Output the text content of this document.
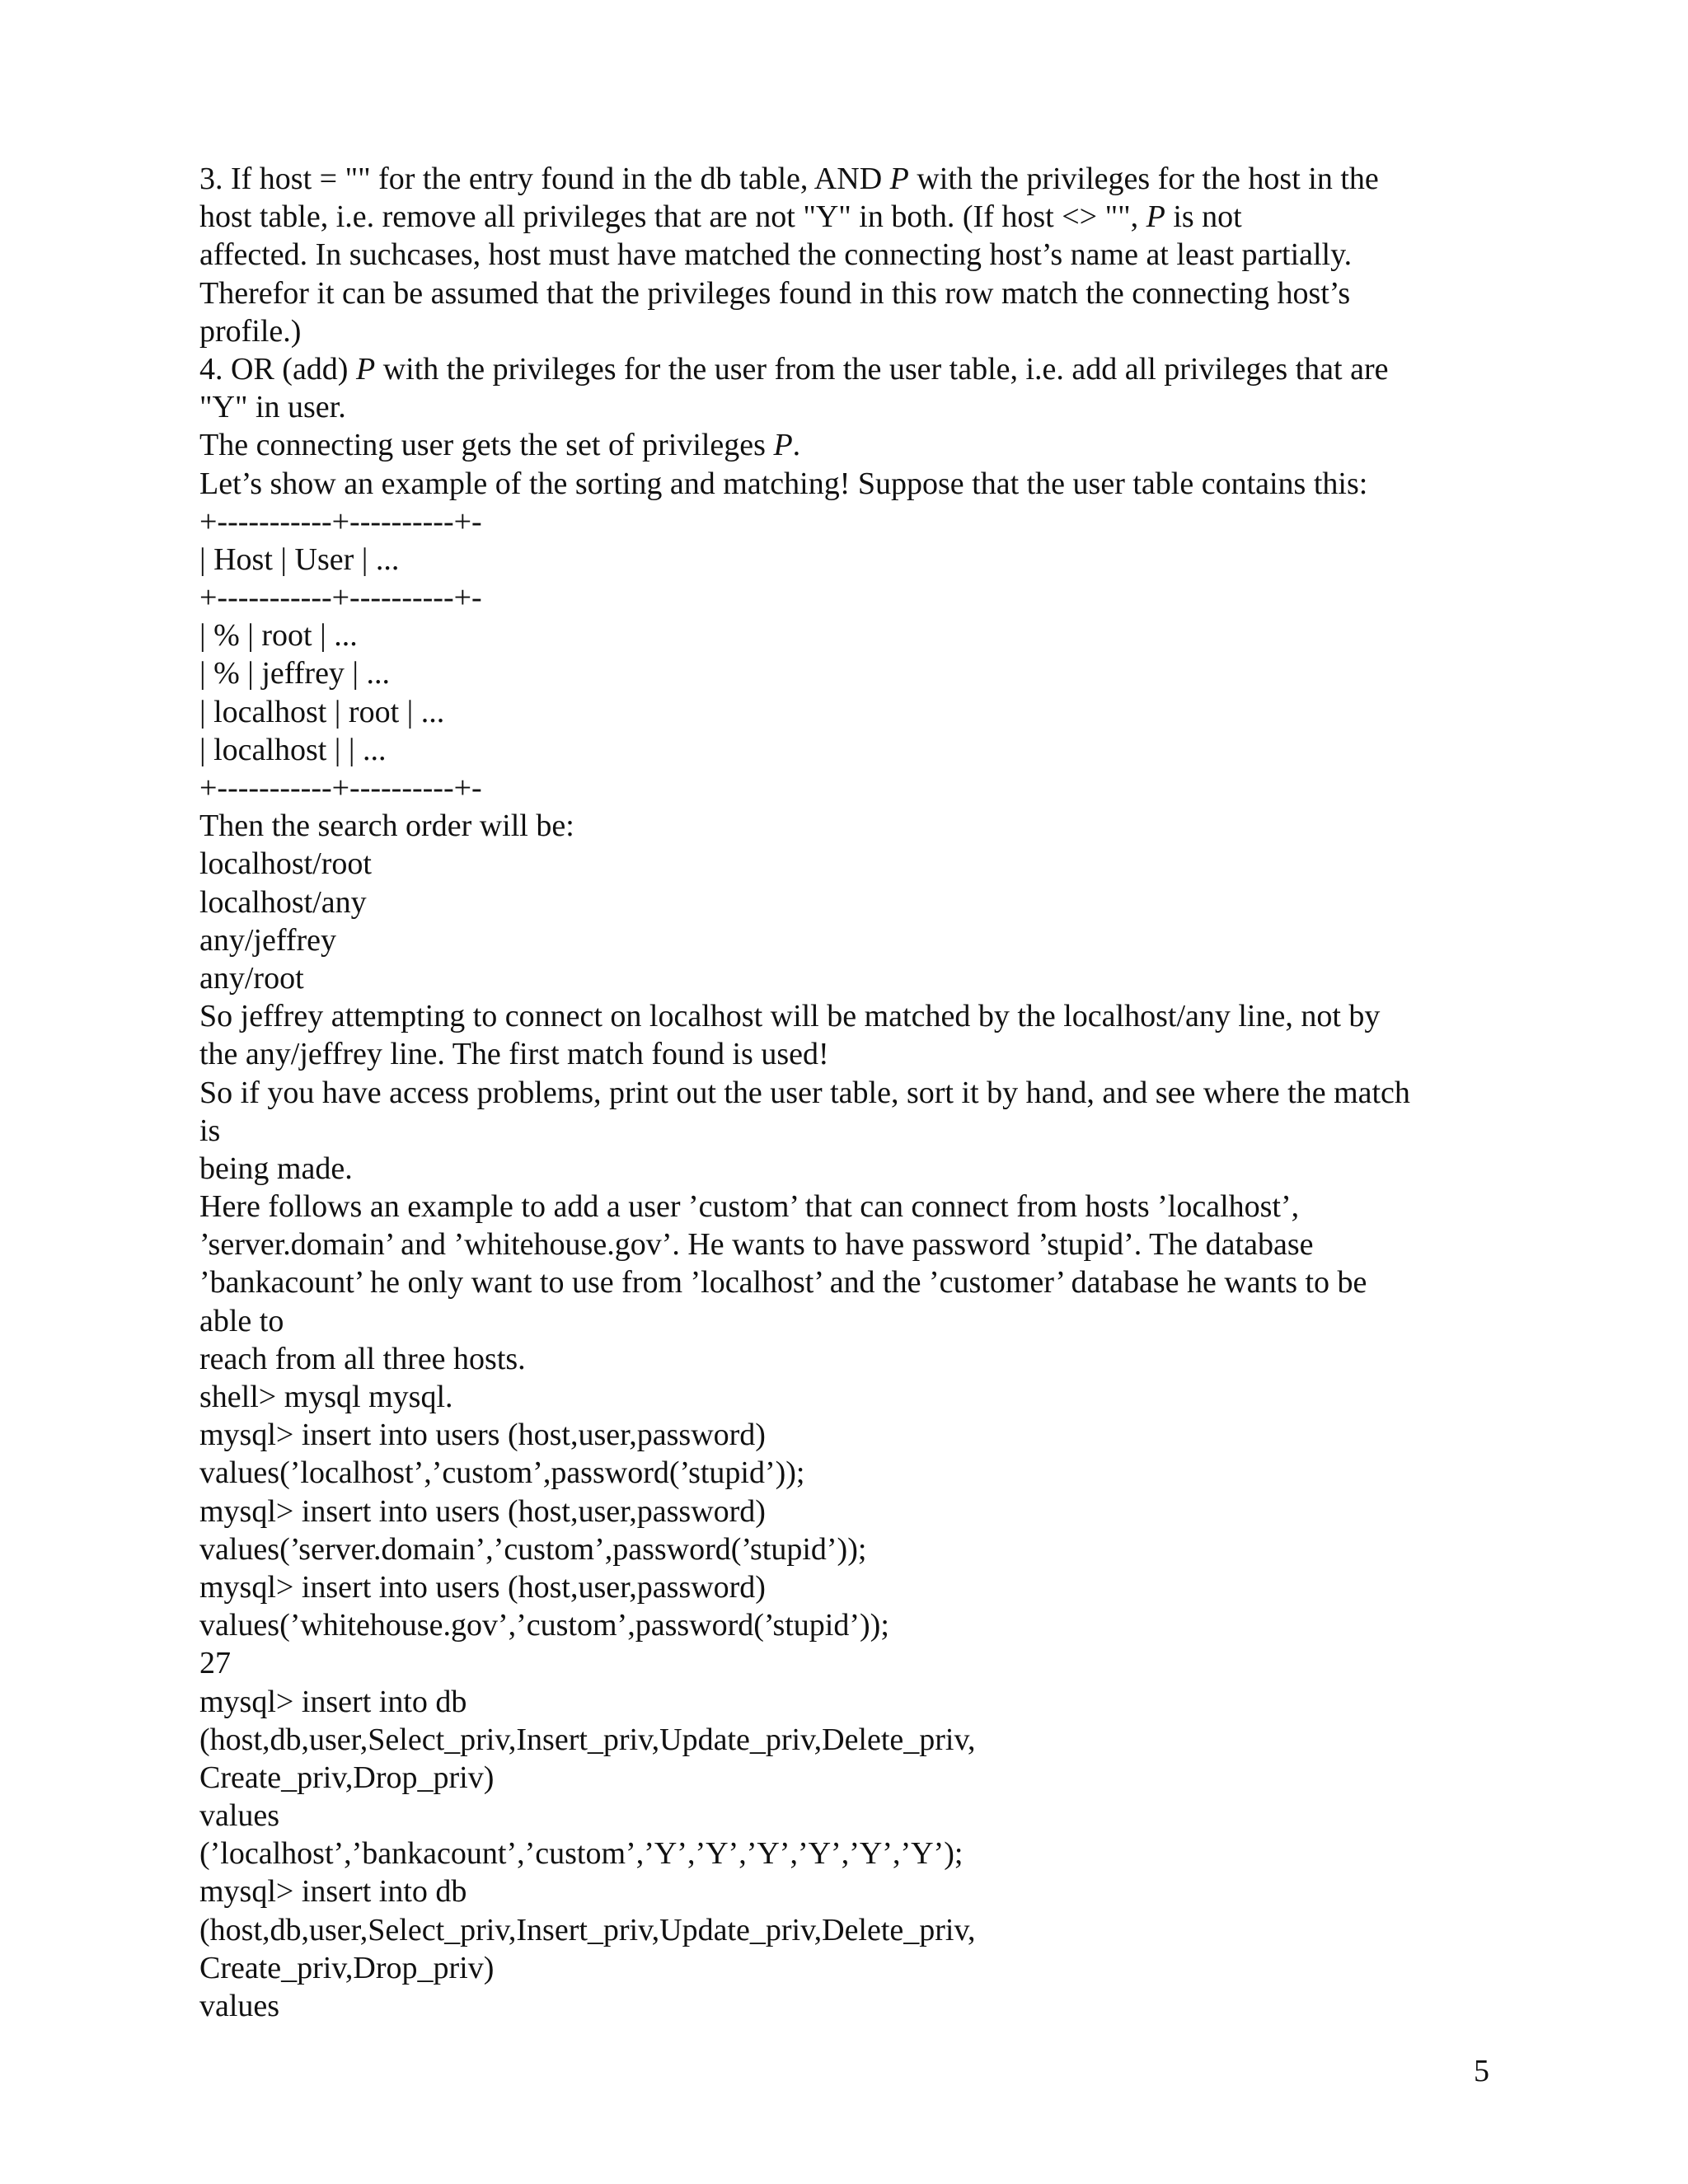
3. If host = "" for the entry found in the db table, AND P with the privileges for the host in the
host table, i.e. remove all privileges that are not "Y" in both. (If host <> "", P is not
affected. In suchcases, host must have matched the connecting host’s name at least partially.
Therefor it can be assumed that the privileges found in this row match the connecting host’s
profile.)
4. OR (add) P with the privileges for the user from the user table, i.e. add all privileges that are
"Y" in user.
The connecting user gets the set of privileges P.
Let’s show an example of the sorting and matching! Suppose that the user table contains this:
+-----------+----------+-
| Host | User | ...
+-----------+----------+-
| % | root | ...
| % | jeffrey | ...
| localhost | root | ...
| localhost | | ...
+-----------+----------+-
Then the search order will be:
localhost/root
localhost/any
any/jeffrey
any/root
So jeffrey attempting to connect on localhost will be matched by the localhost/any line, not by
the any/jeffrey line. The first match found is used!
So if you have access problems, print out the user table, sort it by hand, and see where the match
is
being made.
Here follows an example to add a user ’custom’ that can connect from hosts ’localhost’,
’server.domain’ and ’whitehouse.gov’. He wants to have password ’stupid’. The database
’bankacount’ he only want to use from ’localhost’ and the ’customer’ database he wants to be
able to
reach from all three hosts.
shell> mysql mysql.
mysql> insert into users (host,user,password)
values(’localhost’,’custom’,password(’stupid’));
mysql> insert into users (host,user,password)
values(’server.domain’,’custom’,password(’stupid’));
mysql> insert into users (host,user,password)
values(’whitehouse.gov’,’custom’,password(’stupid’));
27
mysql> insert into db
(host,db,user,Select_priv,Insert_priv,Update_priv,Delete_priv,
Create_priv,Drop_priv)
values
(’localhost’,’bankacount’,’custom’,’Y’,’Y’,’Y’,’Y’,’Y’,’Y’);
mysql> insert into db
(host,db,user,Select_priv,Insert_priv,Update_priv,Delete_priv,
Create_priv,Drop_priv)
values
5
